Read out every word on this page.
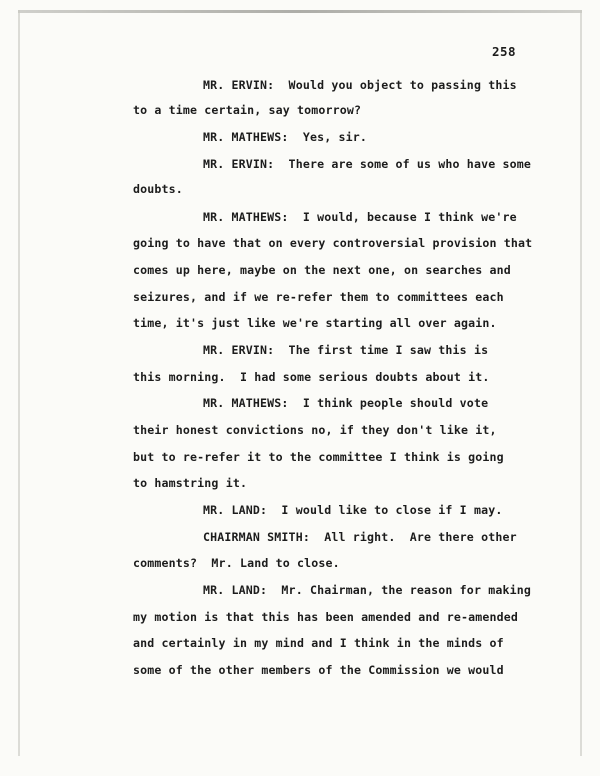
258
MR. ERVIN:  Would you object to passing this
to a time certain, say tomorrow?
MR. MATHEWS:  Yes, sir.
MR. ERVIN:  There are some of us who have some
doubts.
MR. MATHEWS:  I would, because I think we're
going to have that on every controversial provision that
comes up here, maybe on the next one, on searches and
seizures, and if we re-refer them to committees each
time, it's just like we're starting all over again.
MR. ERVIN:  The first time I saw this is
this morning.  I had some serious doubts about it.
MR. MATHEWS:  I think people should vote
their honest convictions no, if they don't like it,
but to re-refer it to the committee I think is going
to hamstring it.
MR. LAND:  I would like to close if I may.
CHAIRMAN SMITH:  All right.  Are there other
comments?  Mr. Land to close.
MR. LAND:  Mr. Chairman, the reason for making
my motion is that this has been amended and re-amended
and certainly in my mind and I think in the minds of
some of the other members of the Commission we would
